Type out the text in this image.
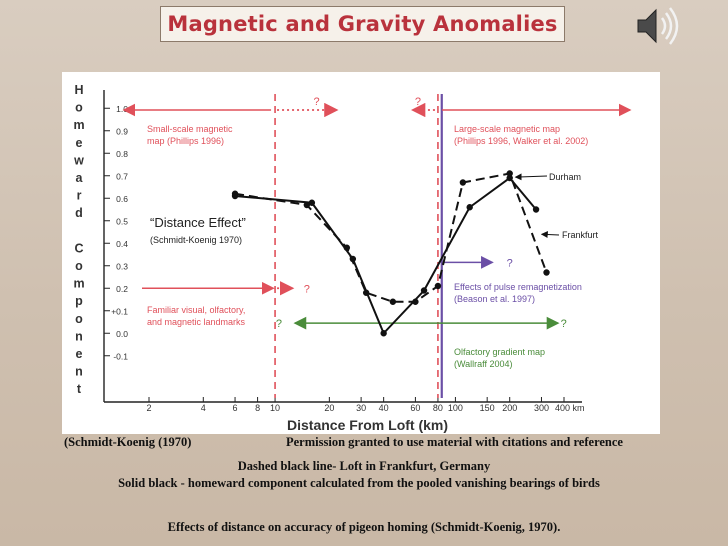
Magnetic and Gravity Anomalies
1.0
0.9
0.8
0.7
0.6
0.5
0.4
0.3
0.2
+0.1
0.0
-0.1
2	4	6 8 10	20 30 40 60 80 100 150 200 300 400 km
Distance From Loft (km)
H
o
m
e
w
a
r
d
C
o
m
p
o
n
e
n
t
?	?
?
?
?	?
Small-scale magnetic
map (Phillips 1996)
Large-scale magnetic map
(Phillips 1996, Walker et al. 2002)
Familiar visual, olfactory,
and magnetic landmarks
Effects of pulse remagnetization
(Beason et al. 1997)
Olfactory gradient map
(Wallraff 2004)
“Distance Effect”
(Schmidt-Koenig 1970)
Durham
Frankfurt
(Schmidt-Koenig (1970)	Permission granted to use material with citations and reference
Dashed black line- Loft in Frankfurt, Germany
Solid black - homeward component calculated from the pooled vanishing bearings of birds
Effects of distance on accuracy of pigeon homing (Schmidt-Koenig, 1970).
